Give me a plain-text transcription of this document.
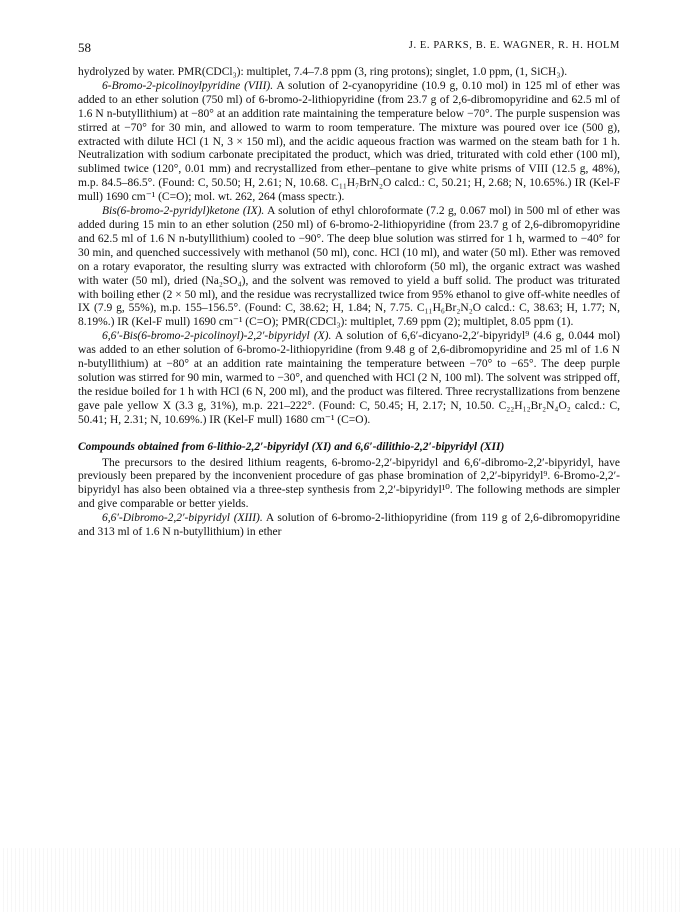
58	J. E. PARKS, B. E. WAGNER, R. H. HOLM

hydrolyzed by water. PMR(CDCl₃): multiplet, 7.4–7.8 ppm (3, ring protons); singlet, 1.0 ppm, (1, SiCH₃).

6-Bromo-2-picolinoylpyridine (VIII). A solution of 2-cyanopyridine (10.9 g, 0.10 mol) in 125 ml of ether was added to an ether solution (750 ml) of 6-bromo-2-lithiopyridine (from 23.7 g of 2,6-dibromopyridine and 62.5 ml of 1.6 N n-butyllithium) at −80° at an addition rate maintaining the temperature below −70°. The purple suspension was stirred at −70° for 30 min, and allowed to warm to room temperature. The mixture was poured over ice (500 g), extracted with dilute HCl (1 N, 3 × 150 ml), and the acidic aqueous fraction was warmed on the steam bath for 1 h. Neutralization with sodium carbonate precipitated the product, which was dried, triturated with cold ether (100 ml), sublimed twice (120°, 0.01 mm) and recrystallized from ether–pentane to give white prisms of VIII (12.5 g, 48%), m.p. 84.5–86.5°. (Found: C, 50.50; H, 2.61; N, 10.68. C₁₁H₇BrN₂O calcd.: C, 50.21; H, 2.68; N, 10.65%.) IR (Kel-F mull) 1690 cm⁻¹ (C=O); mol. wt. 262, 264 (mass spectr.).

Bis(6-bromo-2-pyridyl)ketone (IX). A solution of ethyl chloroformate (7.2 g, 0.067 mol) in 500 ml of ether was added during 15 min to an ether solution (250 ml) of 6-bromo-2-lithiopyridine (from 23.7 g of 2,6-dibromopyridine and 62.5 ml of 1.6 N n-butyllithium) cooled to −90°. The deep blue solution was stirred for 1 h, warmed to −40° for 30 min, and quenched successively with methanol (50 ml), conc. HCl (10 ml), and water (50 ml). Ether was removed on a rotary evaporator, the resulting slurry was extracted with chloroform (50 ml), the organic extract was washed with water (50 ml), dried (Na₂SO₄), and the solvent was removed to yield a buff solid. The product was triturated with boiling ether (2 × 50 ml), and the residue was recrystallized twice from 95% ethanol to give off-white needles of IX (7.9 g, 55%), m.p. 155–156.5°. (Found: C, 38.62; H, 1.84; N, 7.75. C₁₁H₆Br₂N₂O calcd.: C, 38.63; H, 1.77; N, 8.19%.) IR (Kel-F mull) 1690 cm⁻¹ (C=O); PMR(CDCl₃): multiplet, 7.69 ppm (2); multiplet, 8.05 ppm (1).

6,6′-Bis(6-bromo-2-picolinoyl)-2,2′-bipyridyl (X). A solution of 6,6′-dicyano-2,2′-bipyridyl⁹ (4.6 g, 0.044 mol) was added to an ether solution of 6-bromo-2-lithiopyridine (from 9.48 g of 2,6-dibromopyridine and 25 ml of 1.6 N n-butyllithium) at −80° at an addition rate maintaining the temperature between −70° to −65°. The deep purple solution was stirred for 90 min, warmed to −30°, and quenched with HCl (2 N, 100 ml). The solvent was stripped off, the residue boiled for 1 h with HCl (6 N, 200 ml), and the product was filtered. Three recrystallizations from benzene gave pale yellow X (3.3 g, 31%), m.p. 221–222°. (Found: C, 50.45; H, 2.17; N, 10.50. C₂₂H₁₂Br₂N₄O₂ calcd.: C, 50.41; H, 2.31; N, 10.69%.) IR (Kel-F mull) 1680 cm⁻¹ (C=O).

Compounds obtained from 6-lithio-2,2′-bipyridyl (XI) and 6,6′-dilithio-2,2′-bipyridyl (XII)

The precursors to the desired lithium reagents, 6-bromo-2,2′-bipyridyl and 6,6′-dibromo-2,2′-bipyridyl, have previously been prepared by the inconvenient procedure of gas phase bromination of 2,2′-bipyridyl⁹. 6-Bromo-2,2′-bipyridyl has also been obtained via a three-step synthesis from 2,2′-bipyridyl¹⁰. The following methods are simpler and give comparable or better yields.

6,6′-Dibromo-2,2′-bipyridyl (XIII). A solution of 6-bromo-2-lithiopyridine (from 119 g of 2,6-dibromopyridine and 313 ml of 1.6 N n-butyllithium) in ether
